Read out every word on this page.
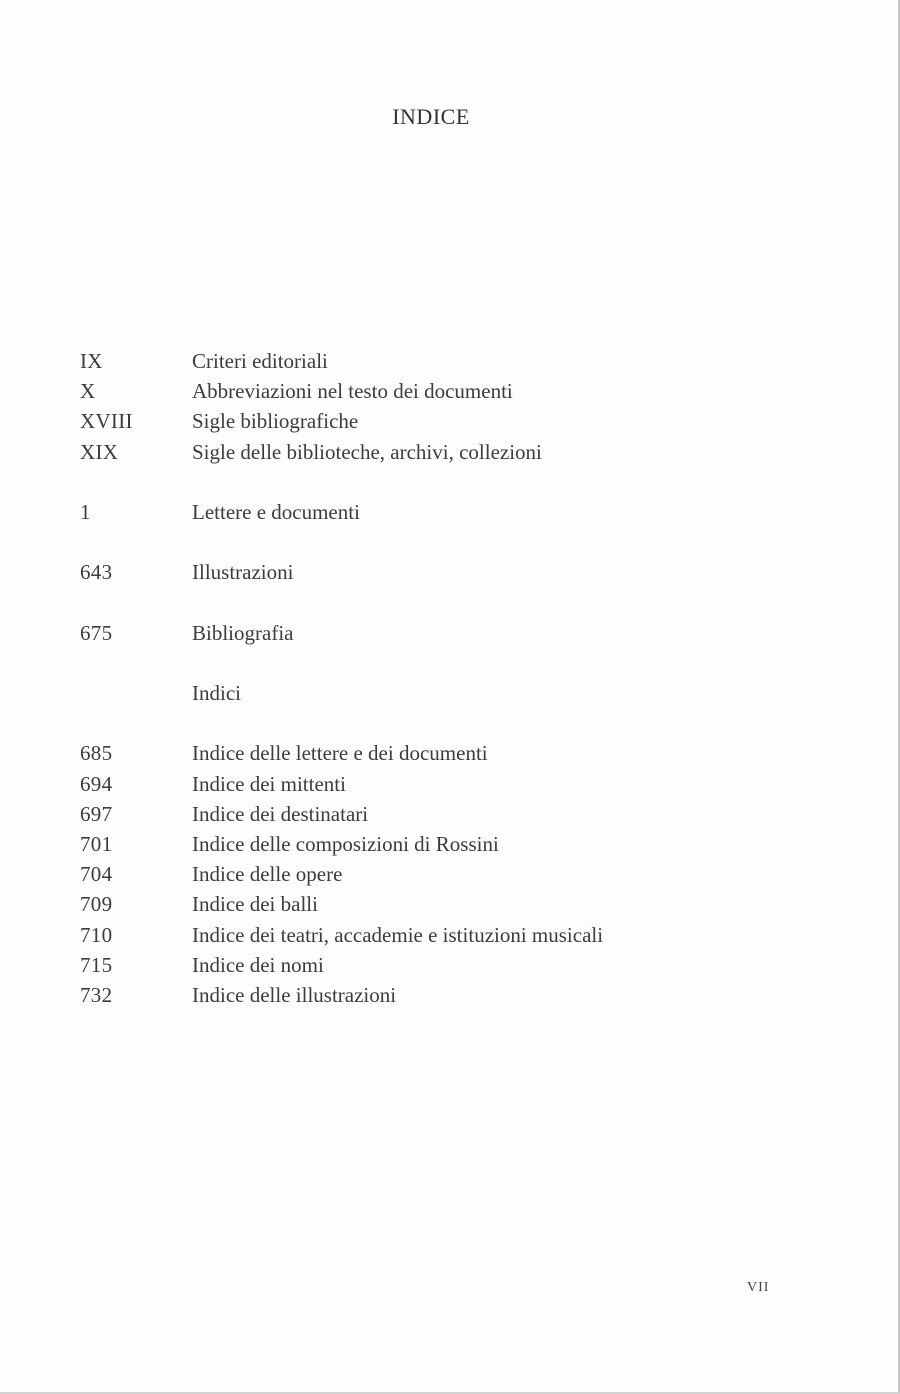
INDICE
IX	Criteri editoriali
X	Abbreviazioni nel testo dei documenti
XVIII	Sigle bibliografiche
XIX	Sigle delle biblioteche, archivi, collezioni
1	Lettere e documenti
643	Illustrazioni
675	Bibliografia
Indici
685	Indice delle lettere e dei documenti
694	Indice dei mittenti
697	Indice dei destinatari
701	Indice delle composizioni di Rossini
704	Indice delle opere
709	Indice dei balli
710	Indice dei teatri, accademie e istituzioni musicali
715	Indice dei nomi
732	Indice delle illustrazioni
VII
